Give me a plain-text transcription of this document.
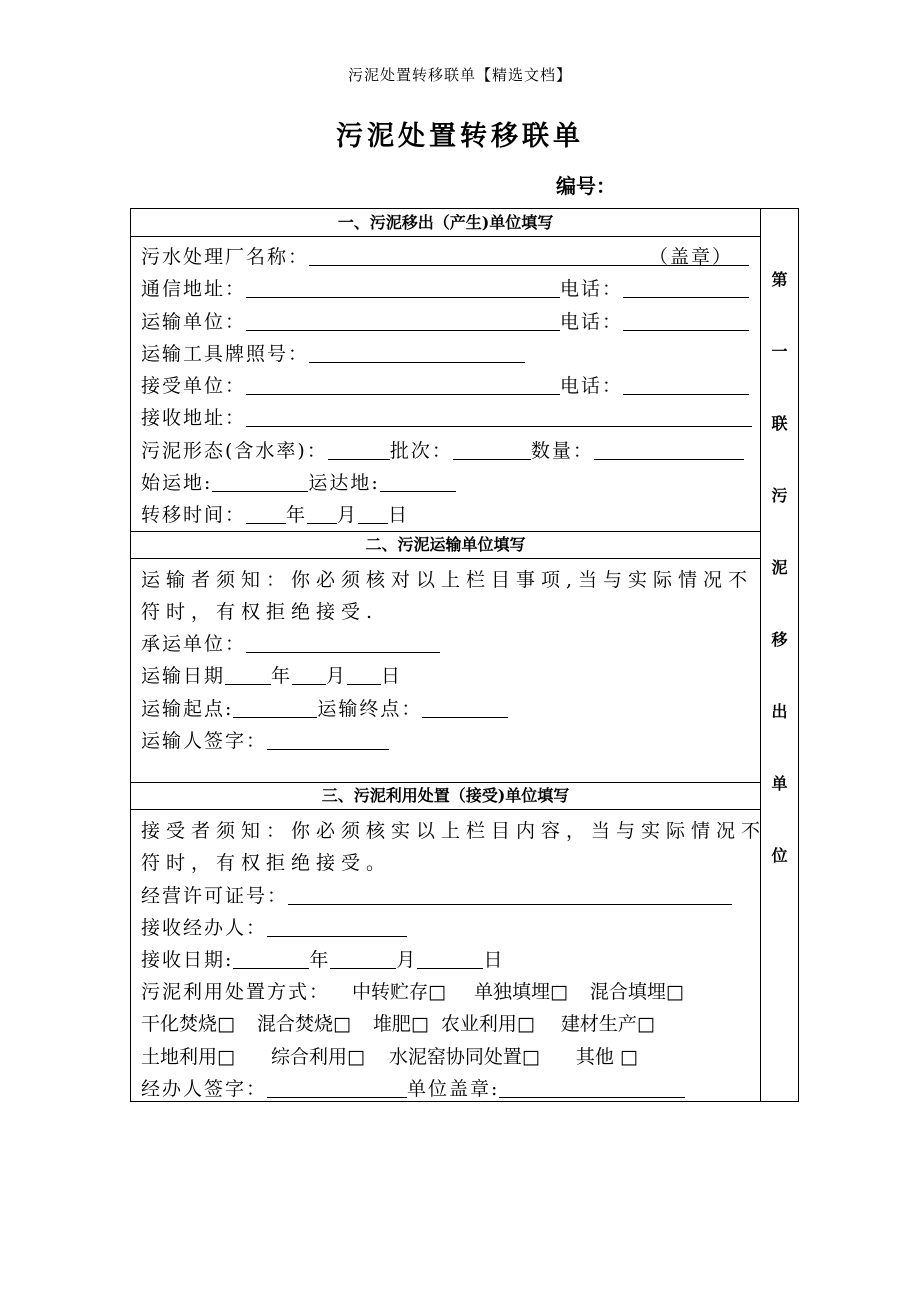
污泥处置转移联单【精选文档】
污泥处置转移联单
编号：
一、污泥移出（产生)单位填写
污水处理厂名称：	（盖章）
通信地址：	电话：
运输单位：	电话：
运输工具牌照号：
接受单位：	电话：
接收地址：
污泥形态(含水率)：	批次：	数量：
始运地:	运达地:
转移时间： 年 月 日
二、污泥运输单位填写
运输者须知：你必须核对以上栏目事项,当与实际情况不
符时，有权拒绝接受.
承运单位：
运输日期 年 月 日
运输起点:	运输终点：
运输人签字：
三、污泥利用处置（接受)单位填写
接受者须知：你必须核实以上栏目内容，当与实际情况不
符时，有权拒绝接受。
经营许可证号：
接收经办人：
接收日期:	年	月	日
污泥利用处置方式： 中转贮存□ 单独填埋□ 混合填埋□
干化焚烧□ 混合焚烧□ 堆肥□ 农业利用□ 建材生产□
土地利用□ 综合利用□ 水泥窑协同处置□ 其他 □
经办人签字：	单位盖章:
第
一
联
污
泥
移
出
单
位
